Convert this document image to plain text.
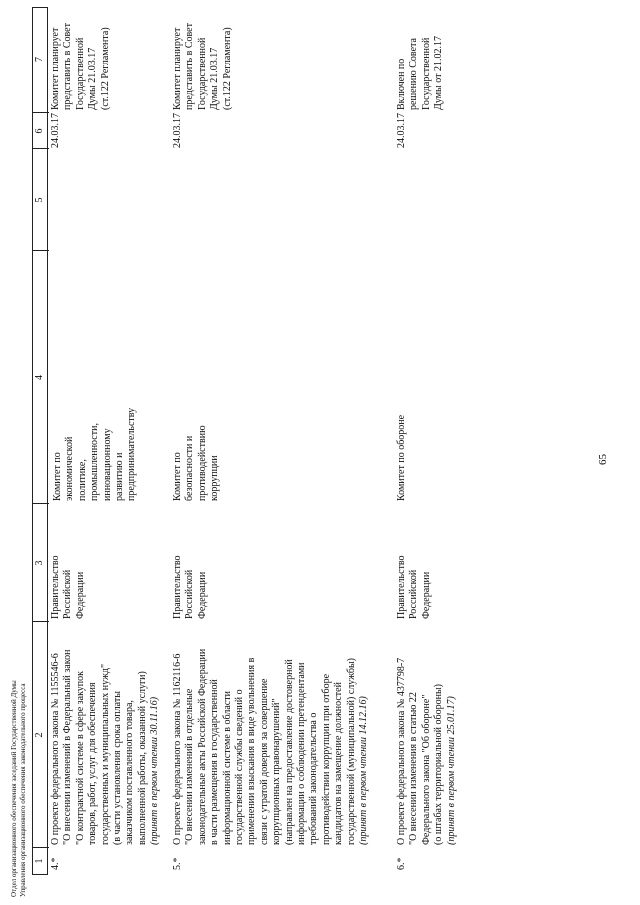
65
1
2
3
4
5
6
7
4.*
О проекте федерального закона № 1155546-6 "О внесении изменений в Федеральный закон "О контрактной системе в сфере закупок товаров, работ, услуг для обеспечения государственных и муниципальных нужд" (в части установления срока оплаты заказчиком поставленного товара, выполненной работы, оказанной услуги) (принят в первом чтении 30.11.16)
Правительство Российской Федерации
Комитет по экономической политике, промышленности, инновационному развитию и предпринимательству
24.03.17
Комитет планирует представить в Совет Государственной Думы 21.03.17 (ст.122 Регламента)
5.*
О проекте федерального закона № 1162116-6 "О внесении изменений в отдельные законодательные акты Российской Федерации в части размещения в государственной информационной системе в области государственной службы сведений о применении взыскания в виде увольнения в связи с утратой доверия за совершение коррупционных правонарушений" (направлен на предоставление достоверной информации о соблюдении претендентами требований законодательства о противодействии коррупции при отборе кандидатов на замещение должностей государственной (муниципальной) службы) (принят в первом чтении 14.12.16)
Правительство Российской Федерации
Комитет по безопасности и противодействию коррупции
24.03.17
Комитет планирует представить в Совет Государственной Думы 21.03.17 (ст.122 Регламента)
6.*
О проекте федерального закона № 437798-7 "О внесении изменения в статью 22 Федерального закона "Об обороне" (о штабах территориальной обороны) (принят в первом чтении 25.01.17)
Правительство Российской Федерации
Комитет по обороне
24.03.17
Включен по решению Совета Государственной Думы от 21.02.17
Отдел организационного обеспечения заседаний Государственной Думы Управления организационного обеспечения законодательного процесса
